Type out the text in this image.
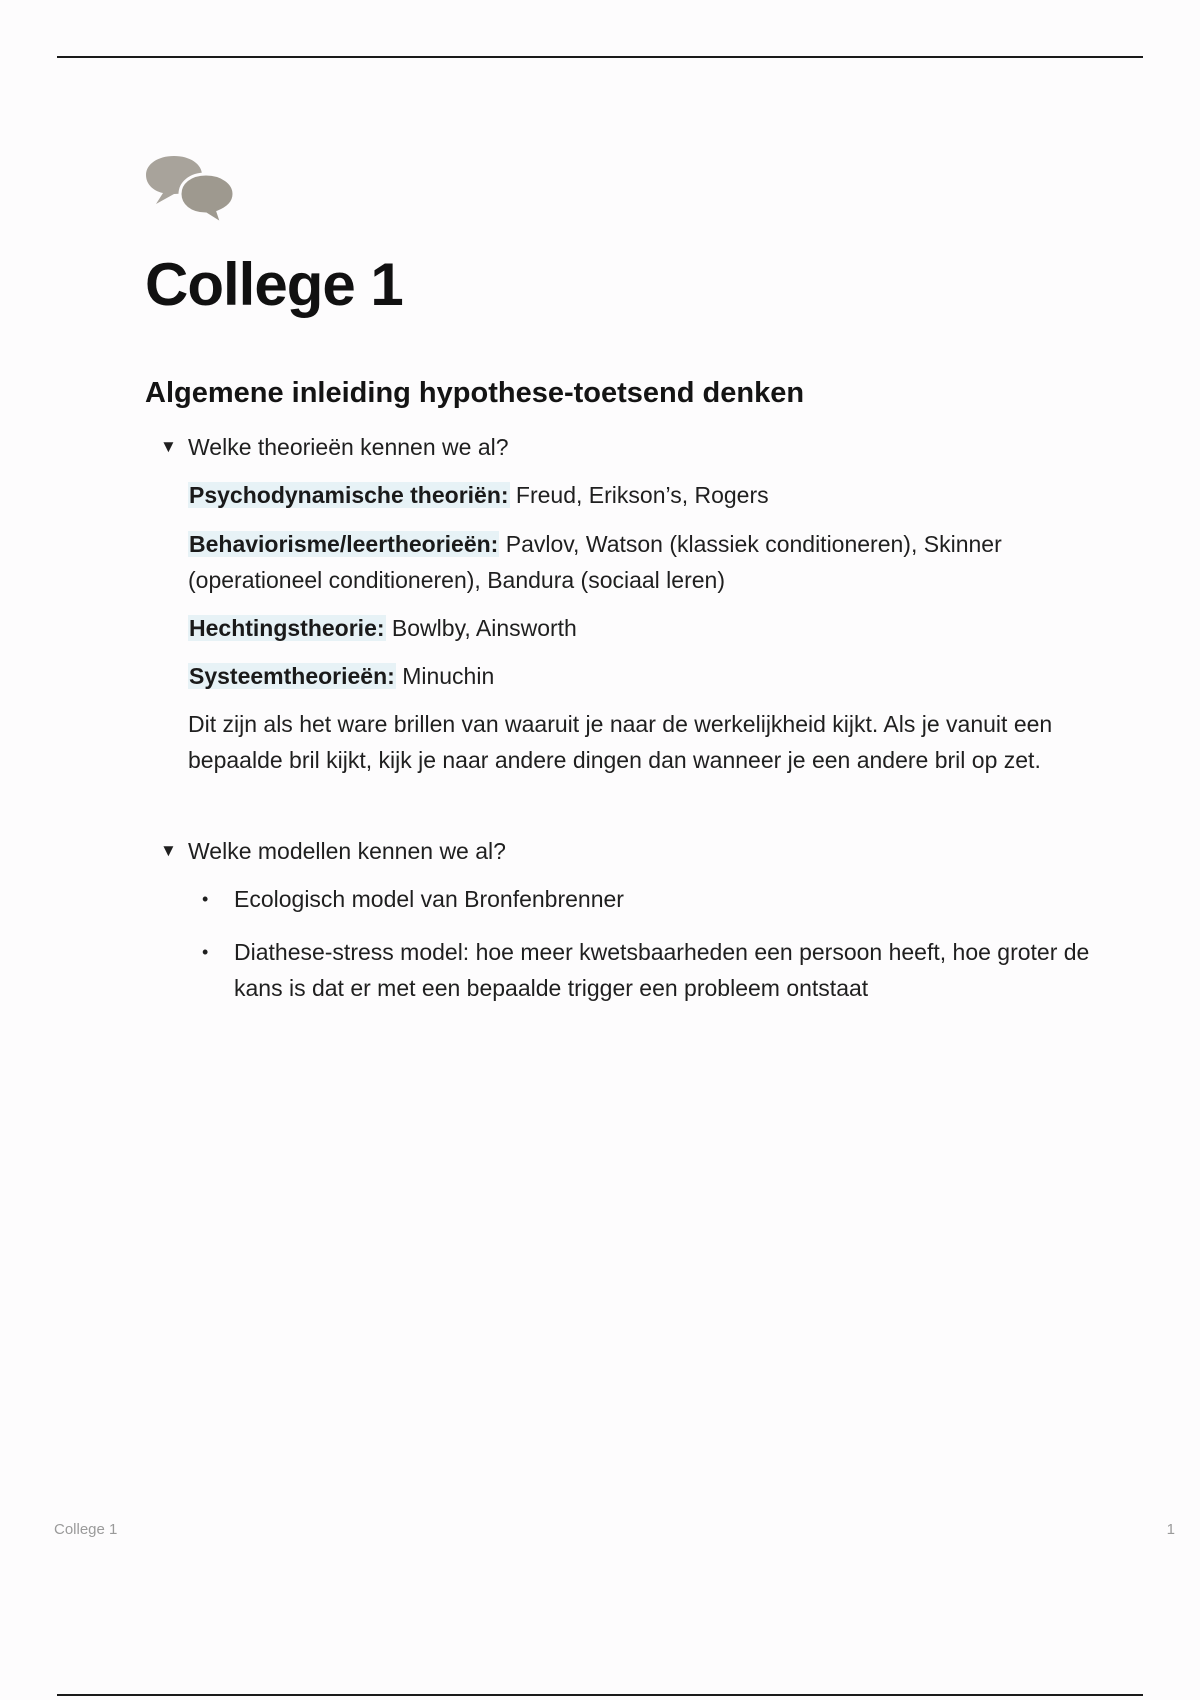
College 1
Algemene inleiding hypothese-toetsend denken
▼ Welke theorieën kennen we al?

Psychodynamische theoriën: Freud, Erikson’s, Rogers

Behaviorisme/leertheorieën: Pavlov, Watson (klassiek conditioneren), Skinner (operationeel conditioneren), Bandura (sociaal leren)

Hechtingstheorie: Bowlby, Ainsworth

Systeemtheorieën: Minuchin

Dit zijn als het ware brillen van waaruit je naar de werkelijkheid kijkt. Als je vanuit een bepaalde bril kijkt, kijk je naar andere dingen dan wanneer je een andere bril op zet.

▼ Welke modellen kennen we al?
•	Ecologisch model van Bronfenbrenner
•	Diathese-stress model: hoe meer kwetsbaarheden een persoon heeft, hoe groter de kans is dat er met een bepaalde trigger een probleem ontstaat
College 1	1
